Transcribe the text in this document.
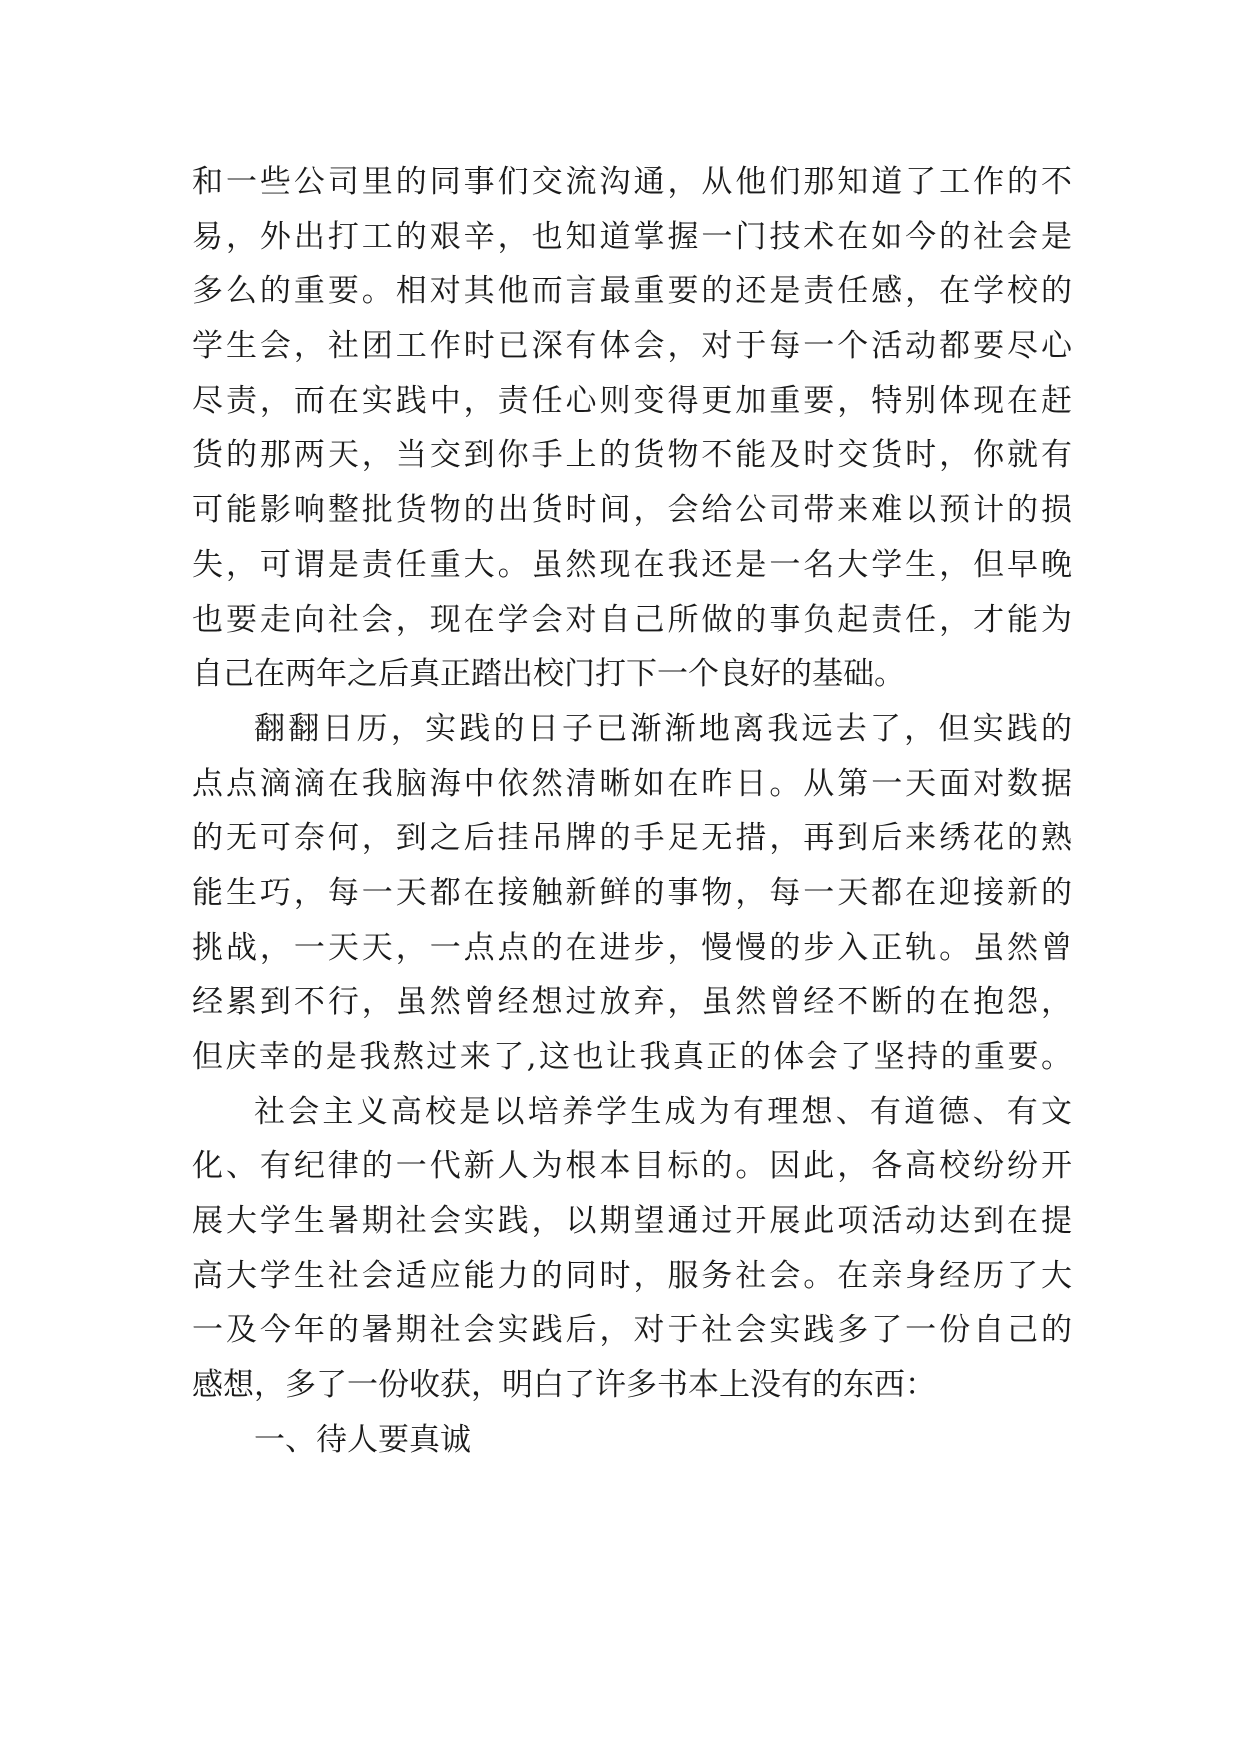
和一些公司里的同事们交流沟通，从他们那知道了工作的不
易，外出打工的艰辛，也知道掌握一门技术在如今的社会是
多么的重要。相对其他而言最重要的还是责任感，在学校的
学生会，社团工作时已深有体会，对于每一个活动都要尽心
尽责，而在实践中，责任心则变得更加重要，特别体现在赶
货的那两天，当交到你手上的货物不能及时交货时，你就有
可能影响整批货物的出货时间，会给公司带来难以预计的损
失，可谓是责任重大。虽然现在我还是一名大学生，但早晚
也要走向社会，现在学会对自己所做的事负起责任，才能为
自己在两年之后真正踏出校门打下一个良好的基础。
翻翻日历，实践的日子已渐渐地离我远去了，但实践的
点点滴滴在我脑海中依然清晰如在昨日。从第一天面对数据
的无可奈何，到之后挂吊牌的手足无措，再到后来绣花的熟
能生巧，每一天都在接触新鲜的事物，每一天都在迎接新的
挑战，一天天，一点点的在进步，慢慢的步入正轨。虽然曾
经累到不行，虽然曾经想过放弃，虽然曾经不断的在抱怨，
但庆幸的是我熬过来了,这也让我真正的体会了坚持的重要。
社会主义高校是以培养学生成为有理想、有道德、有文
化、有纪律的一代新人为根本目标的。因此，各高校纷纷开
展大学生暑期社会实践，以期望通过开展此项活动达到在提
高大学生社会适应能力的同时，服务社会。在亲身经历了大
一及今年的暑期社会实践后，对于社会实践多了一份自己的
感想，多了一份收获，明白了许多书本上没有的东西：
一、待人要真诚
